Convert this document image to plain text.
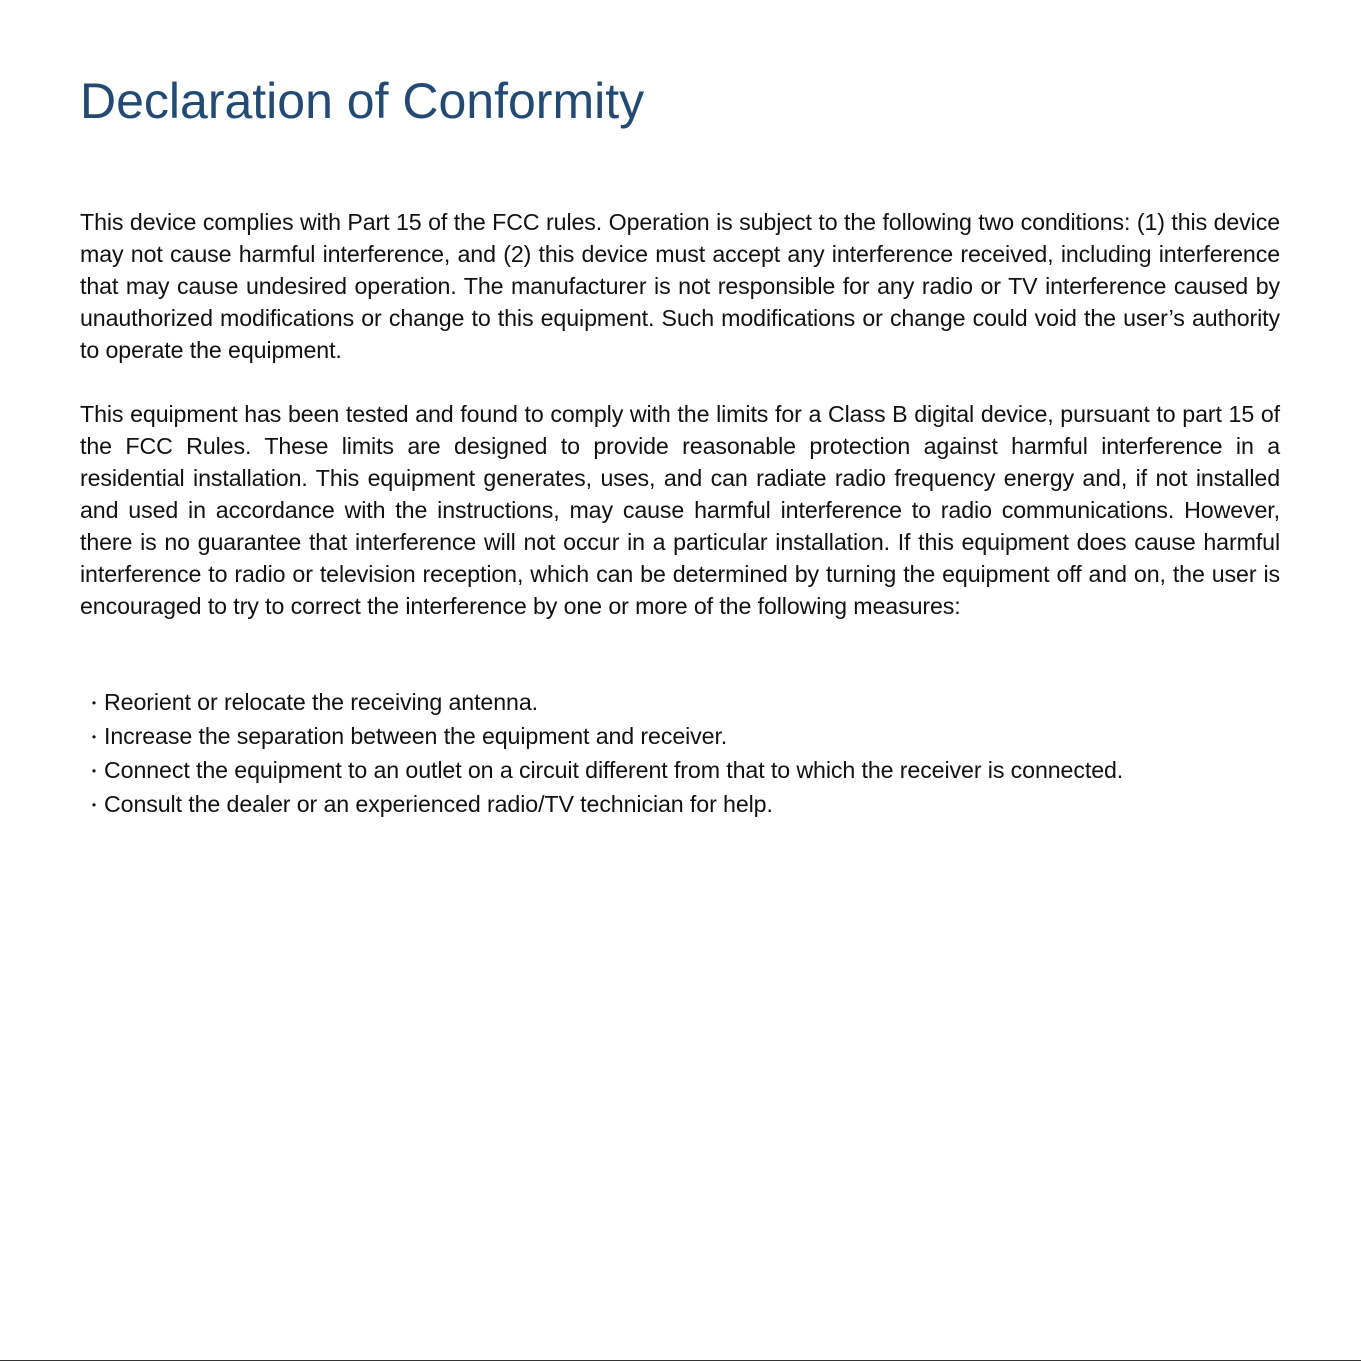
Declaration of Conformity

This device complies with Part 15 of the FCC rules. Operation is subject to the following two conditions: (1) this device may not cause harmful interference, and (2) this device must accept any interference received, including interference that may cause undesired operation. The manufacturer is not responsible for any radio or TV interference caused by unauthorized modifications or change to this equipment. Such modifications or change could void the user’s authority to operate the equipment.

This equipment has been tested and found to comply with the limits for a Class B digital device, pursuant to part 15 of the FCC Rules. These limits are designed to provide reasonable protection against harmful interference in a residential installation. This equipment generates, uses, and can radiate radio frequency energy and, if not installed and used in accordance with the instructions, may cause harmful interference to radio communications. However, there is no guarantee that interference will not occur in a particular installation. If this equipment does cause harmful interference to radio or television reception, which can be determined by turning the equipment off and on, the user is encouraged to try to correct the interference by one or more of the following measures:

・Reorient or relocate the receiving antenna.
・Increase the separation between the equipment and receiver.
・Connect the equipment to an outlet on a circuit different from that to which the receiver is connected.
・Consult the dealer or an experienced radio/TV technician for help.
